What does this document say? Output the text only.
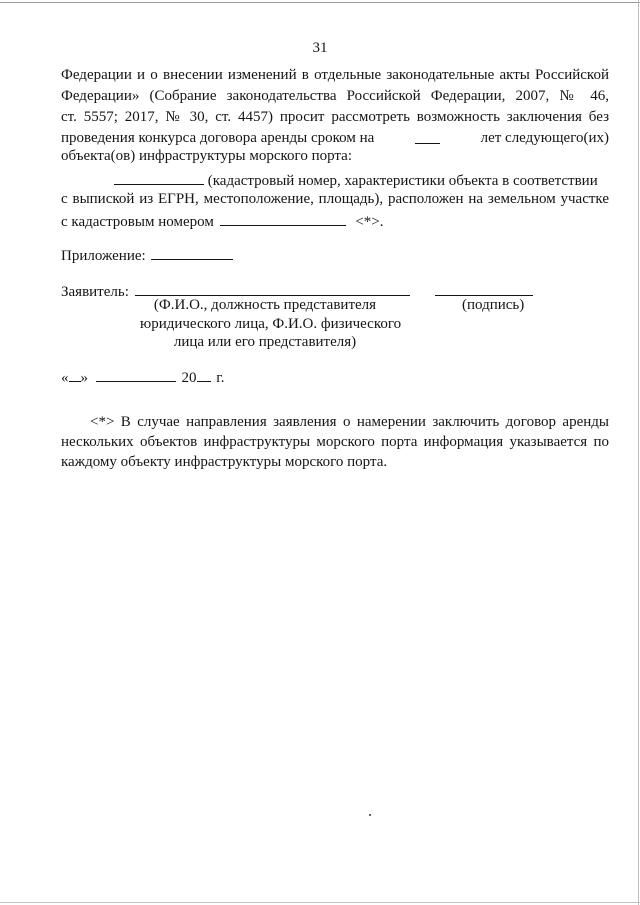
31
Федерации и о внесении изменений в отдельные законодательные акты Российской
Федерации» (Собрание законодательства Российской Федерации, 2007, № 46,
ст. 5557; 2017, № 30, ст. 4457) просит рассмотреть возможность заключения без
проведения конкурса договора аренды сроком на	лет следующего(их)
объекта(ов) инфраструктуры морского порта:
(кадастровый номер, характеристики объекта в соответствии
с выпиской из ЕГРН, местоположение, площадь), расположен на земельном участке
с кадастровым номером	<*>.
Приложение:
Заявитель:
(Ф.И.О., должность представителя
юридического лица, Ф.И.О. физического
лица или его представителя)
(подпись)
« »	20 г.
<*> В случае направления заявления о намерении заключить договор аренды
нескольких объектов инфраструктуры морского порта информация указывается по
каждому объекту инфраструктуры морского порта.
